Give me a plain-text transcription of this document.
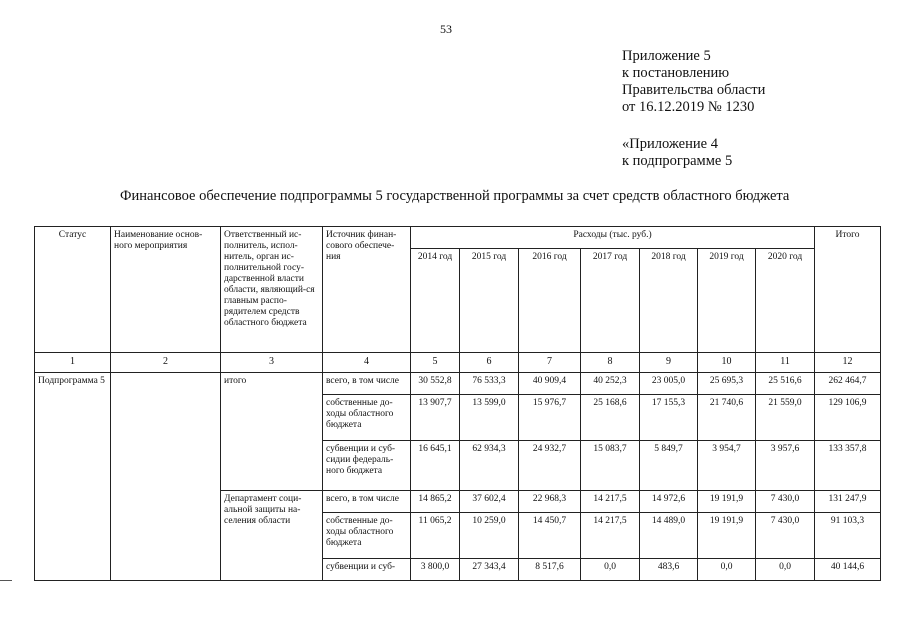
53
Приложение 5
к постановлению
Правительства области
от 16.12.2019 № 1230
«Приложение 4
к подпрограмме 5
Финансовое обеспечение подпрограммы 5 государственной программы за счет средств областного бюджета
Статус	Наименование основ-ного мероприятия	Ответственный ис-полнитель, испол-нитель, орган ис-полнительной госу-дарственной власти области, являющий-ся главным распо-рядителем средств областного бюджета	Источник финан-сового обеспече-ния	Расходы (тыс. руб.)							Итого
				2014 год	2015 год	2016 год	2017 год	2018 год	2019 год	2020 год	
1	2	3	4	5	6	7	8	9	10	11	12
Подпрограмма 5		итого	всего, в том числе	30 552,8	76 533,3	40 909,4	40 252,3	23 005,0	25 695,3	25 516,6	262 464,7
			собственные до-ходы областного бюджета	13 907,7	13 599,0	15 976,7	25 168,6	17 155,3	21 740,6	21 559,0	129 106,9
			субвенции и суб-сидии федераль-ного бюджета	16 645,1	62 934,3	24 932,7	15 083,7	5 849,7	3 954,7	3 957,6	133 357,8
		Департамент соци-альной защиты на-селения области	всего, в том числе	14 865,2	37 602,4	22 968,3	14 217,5	14 972,6	19 191,9	7 430,0	131 247,9
			собственные до-ходы областного бюджета	11 065,2	10 259,0	14 450,7	14 217,5	14 489,0	19 191,9	7 430,0	91 103,3
			субвенции и суб-	3 800,0	27 343,4	8 517,6	0,0	483,6	0,0	0,0	40 144,6
